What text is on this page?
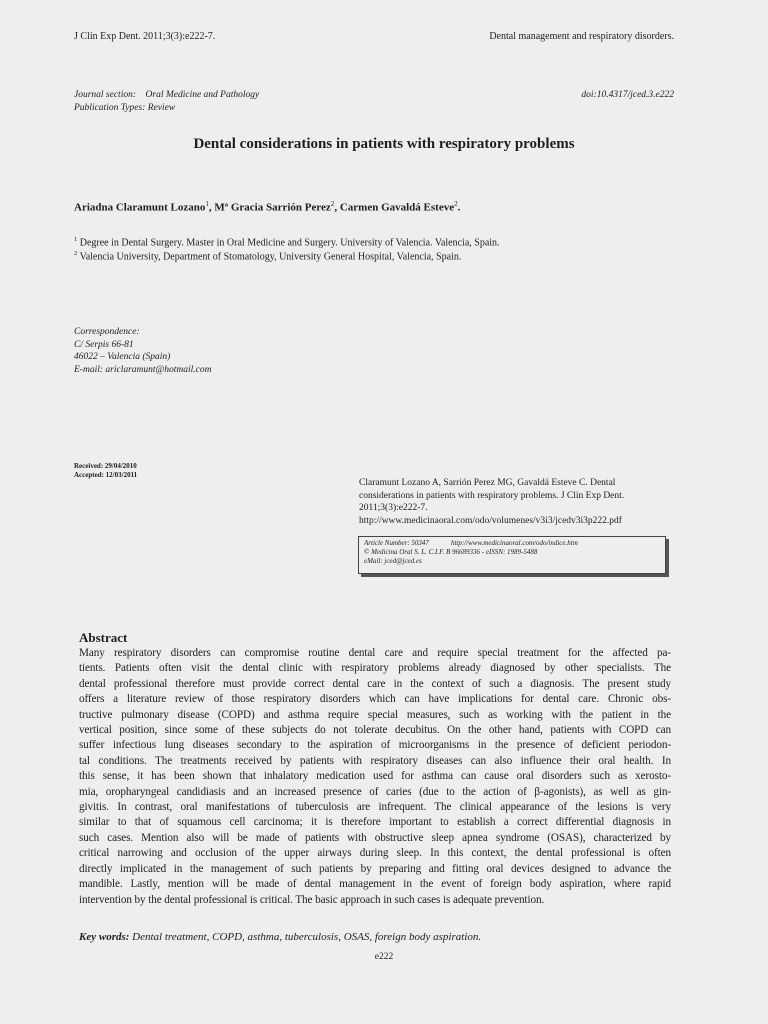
J Clin Exp Dent. 2011;3(3):e222-7.	Dental management and respiratory disorders.
Journal section: Oral Medicine and Pathology
Publication Types: Review
doi:10.4317/jced.3.e222
Dental considerations in patients with respiratory problems
Ariadna Claramunt Lozano$^1$, Mª Gracia Sarrión Perez$^2$, Carmen Gavaldá Esteve$^2$.
$^1$ Degree in Dental Surgery. Master in Oral Medicine and Surgery. University of Valencia. Valencia, Spain.
$^2$ Valencia University, Department of Stomatology, University General Hospital, Valencia, Spain.
Correspondence:
C/ Serpis 66-81
46022 – Valencia (Spain)
E-mail: ariclaramunt@hotmail.com
Received: 29/04/2010
Accepted: 12/03/2011
Claramunt Lozano A, Sarrión Perez MG, Gavaldá Esteve C. Dental
considerations in patients with respiratory problems. J Clin Exp Dent.
2011;3(3):e222-7.
http://www.medicinaoral.com/odo/volumenes/v3i3/jcedv3i3p222.pdf
Article Number: 50347	http://www.medicinaoral.com/odo/indice.htm
© Medicina Oral S. L. C.I.F. B 96689336 - eISSN: 1989-5488
eMail: jced@jced.es
Abstract
Many respiratory disorders can compromise routine dental care and require special treatment for the affected pa-
tients. Patients often visit the dental clinic with respiratory problems already diagnosed by other specialists. The
dental professional therefore must provide correct dental care in the context of such a diagnosis. The present study
offers a literature review of those respiratory disorders which can have implications for dental care. Chronic obs-
tructive pulmonary disease (COPD) and asthma require special measures, such as working with the patient in the
vertical position, since some of these subjects do not tolerate decubitus. On the other hand, patients with COPD can
suffer infectious lung diseases secondary to the aspiration of microorganisms in the presence of deficient periodon-
tal conditions. The treatments received by patients with respiratory diseases can also influence their oral health. In
this sense, it has been shown that inhalatory medication used for asthma can cause oral disorders such as xerosto-
mia, oropharyngeal candidiasis and an increased presence of caries (due to the action of β-agonists), as well as gin-
givitis. In contrast, oral manifestations of tuberculosis are infrequent. The clinical appearance of the lesions is very
similar to that of squamous cell carcinoma; it is therefore important to establish a correct differential diagnosis in
such cases. Mention also will be made of patients with obstructive sleep apnea syndrome (OSAS), characterized by
critical narrowing and occlusion of the upper airways during sleep. In this context, the dental professional is often
directly implicated in the management of such patients by preparing and fitting oral devices designed to advance the
mandible. Lastly, mention will be made of dental management in the event of foreign body aspiration, where rapid
intervention by the dental professional is critical. The basic approach in such cases is adequate prevention.
Key words: Dental treatment, COPD, asthma, tuberculosis, OSAS, foreign body aspiration.
e222
